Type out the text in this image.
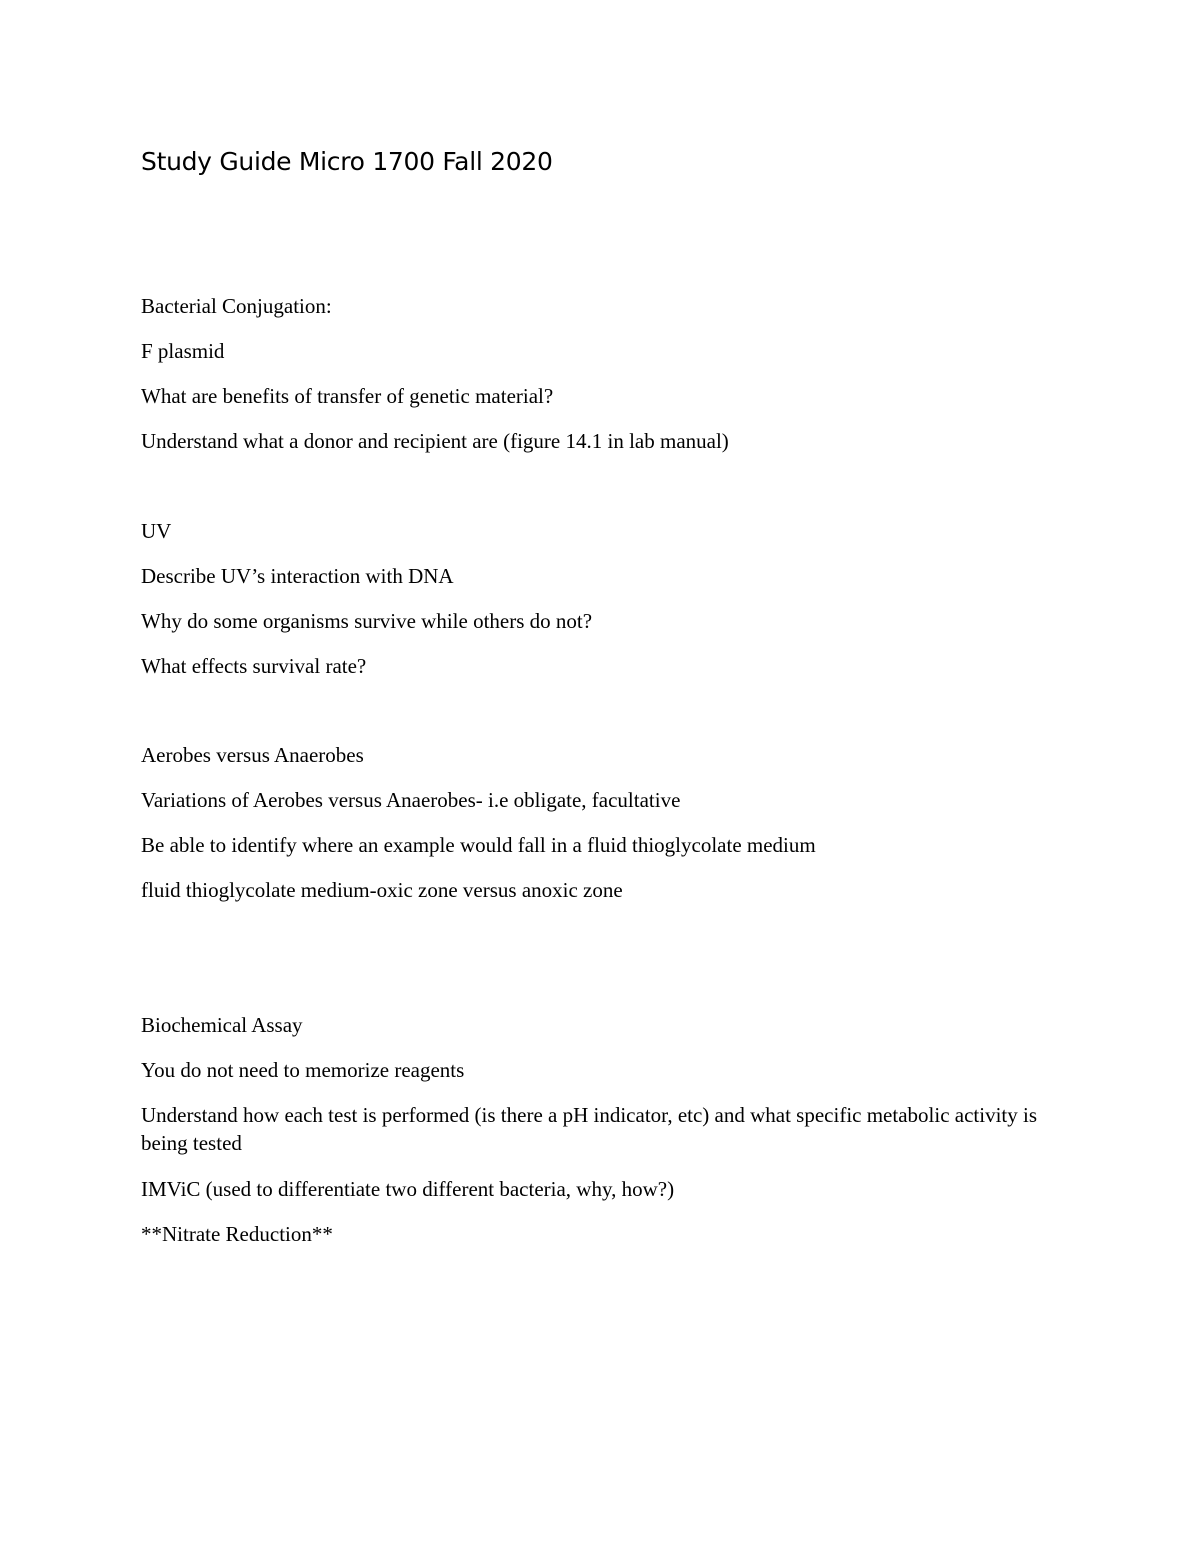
Study Guide Micro 1700 Fall 2020
Bacterial Conjugation:
F plasmid
What are benefits of transfer of genetic material?
Understand what a donor and recipient are (figure 14.1 in lab manual)
UV
Describe UV’s interaction with DNA
Why do some organisms survive while others do not?
What effects survival rate?
Aerobes versus Anaerobes
Variations of Aerobes versus Anaerobes- i.e obligate, facultative
Be able to identify where an example would fall in a fluid thioglycolate medium
fluid thioglycolate medium-oxic zone versus anoxic zone
Biochemical Assay
You do not need to memorize reagents
Understand how each test is performed (is there a pH indicator, etc) and what specific metabolic activity is being tested
IMViC (used to differentiate two different bacteria, why, how?)
**Nitrate Reduction**
